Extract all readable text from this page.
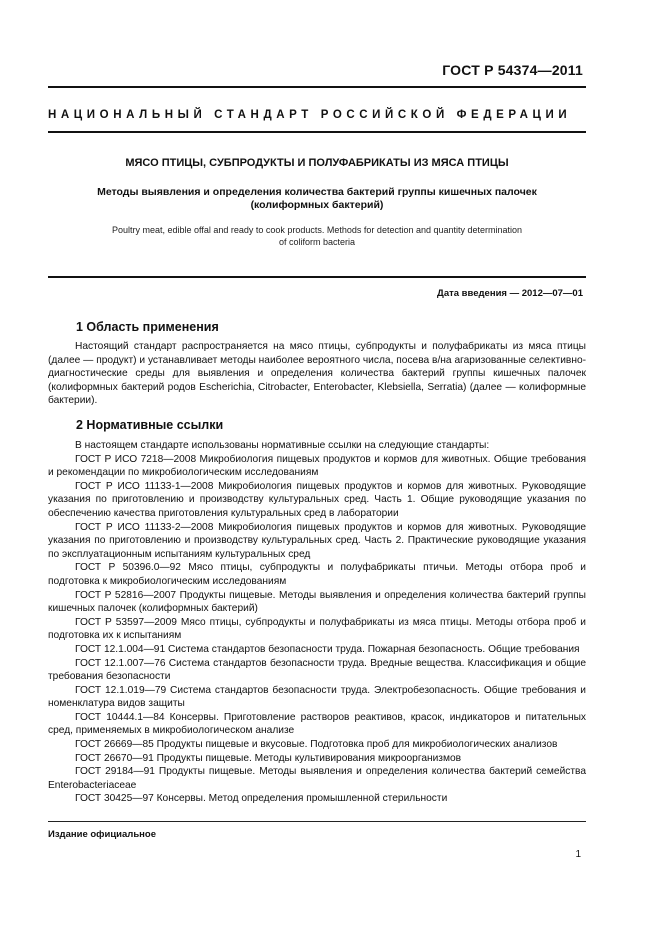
ГОСТ Р 54374—2011
НАЦИОНАЛЬНЫЙ СТАНДАРТ РОССИЙСКОЙ ФЕДЕРАЦИИ
МЯСО ПТИЦЫ, СУБПРОДУКТЫ И ПОЛУФАБРИКАТЫ ИЗ МЯСА ПТИЦЫ
Методы выявления и определения количества бактерий группы кишечных палочек
(колиформных бактерий)
Poultry meat, edible offal and ready to cook products. Methods for detection and quantity determination
of coliform bacteria
Дата введения — 2012—07—01
1 Область применения

Настоящий стандарт распространяется на мясо птицы, субпродукты и полуфабрикаты из мяса птицы (далее — продукт) и устанавливает методы наиболее вероятного числа, посева в/на агаризованные селективно-диагностические среды для выявления и определения количества бактерий группы кишечных палочек (колиформных бактерий родов Escherichia, Citrobacter, Enterobacter, Klebsiella, Serratia) (далее — колиформные бактерии).

2 Нормативные ссылки

В настоящем стандарте использованы нормативные ссылки на следующие стандарты:

ГОСТ Р ИСО 7218—2008 Микробиология пищевых продуктов и кормов для животных. Общие требования и рекомендации по микробиологическим исследованиям

ГОСТ Р ИСО 11133-1—2008 Микробиология пищевых продуктов и кормов для животных. Руководящие указания по приготовлению и производству культуральных сред. Часть 1. Общие руководящие указания по обеспечению качества приготовления культуральных сред в лаборатории

ГОСТ Р ИСО 11133-2—2008 Микробиология пищевых продуктов и кормов для животных. Руководящие указания по приготовлению и производству культуральных сред. Часть 2. Практические руководящие указания по эксплуатационным испытаниям культуральных сред

ГОСТ Р 50396.0—92 Мясо птицы, субпродукты и полуфабрикаты птичьи. Методы отбора проб и подготовка к микробиологическим исследованиям

ГОСТ Р 52816—2007 Продукты пищевые. Методы выявления и определения количества бактерий группы кишечных палочек (колиформных бактерий)

ГОСТ Р 53597—2009 Мясо птицы, субпродукты и полуфабрикаты из мяса птицы. Методы отбора проб и подготовка их к испытаниям

ГОСТ 12.1.004—91 Система стандартов безопасности труда. Пожарная безопасность. Общие требования

ГОСТ 12.1.007—76 Система стандартов безопасности труда. Вредные вещества. Классификация и общие требования безопасности

ГОСТ 12.1.019—79 Система стандартов безопасности труда. Электробезопасность. Общие требования и номенклатура видов защиты

ГОСТ 10444.1—84 Консервы. Приготовление растворов реактивов, красок, индикаторов и питательных сред, применяемых в микробиологическом анализе

ГОСТ 26669—85 Продукты пищевые и вкусовые. Подготовка проб для микробиологических анализов

ГОСТ 26670—91 Продукты пищевые. Методы культивирования микроорганизмов

ГОСТ 29184—91 Продукты пищевые. Методы выявления и определения количества бактерий семейства Enterobacteriaceae

ГОСТ 30425—97 Консервы. Метод определения промышленной стерильности

Издание официальное
1
